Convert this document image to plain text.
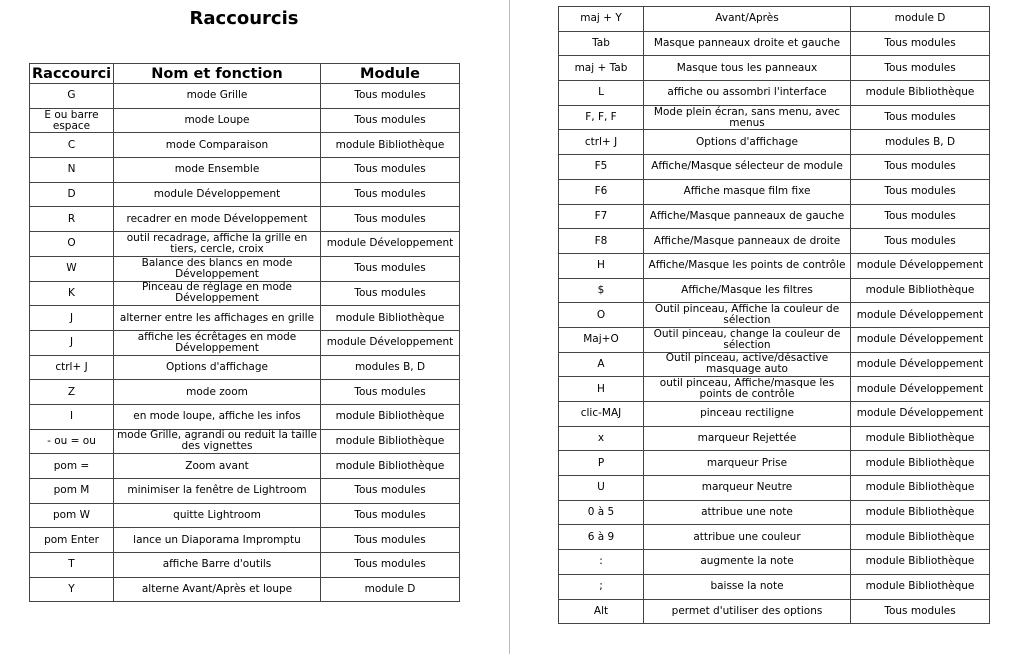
Raccourcis
Raccourci	Nom et fonction	Module
G	mode Grille	Tous modules
E ou barre espace	mode Loupe	Tous modules
C	mode Comparaison	module Bibliothèque
N	mode Ensemble	Tous modules
D	module Développement	Tous modules
R	recadrer en mode Développement	Tous modules
O	outil recadrage, affiche la grille en tiers, cercle, croix	module Développement
W	Balance des blancs en mode Développement	Tous modules
K	Pinceau de réglage en mode Développement	Tous modules
J	alterner entre les affichages en grille	module Bibliothèque
J	affiche les écrêtages en mode Développement	module Développement
ctrl+ J	Options d'affichage	modules B, D
Z	mode zoom	Tous modules
I	en mode loupe, affiche les infos	module Bibliothèque
- ou = ou	mode Grille, agrandi ou reduit la taille des vignettes	module Bibliothèque
pom =	Zoom avant	module Bibliothèque
pom M	minimiser la fenêtre de Lightroom	Tous modules
pom W	quitte Lightroom	Tous modules
pom Enter	lance un Diaporama Impromptu	Tous modules
T	affiche Barre d'outils	Tous modules
Y	alterne Avant/Après et loupe	module D
maj + Y	Avant/Après	module D
Tab	Masque panneaux droite et gauche	Tous modules
maj + Tab	Masque tous les panneaux	Tous modules
L	affiche ou assombri l'interface	module Bibliothèque
F, F, F	Mode plein écran, sans menu, avec menus	Tous modules
ctrl+ J	Options d'affichage	modules B, D
F5	Affiche/Masque sélecteur de module	Tous modules
F6	Affiche masque film fixe	Tous modules
F7	Affiche/Masque panneaux de gauche	Tous modules
F8	Affiche/Masque panneaux de droite	Tous modules
H	Affiche/Masque les points de contrôle	module Développement
$	Affiche/Masque les filtres	module Bibliothèque
O	Outil pinceau, Affiche la couleur de sélection	module Développement
Maj+O	Outil pinceau, change la couleur de sélection	module Développement
A	Outil pinceau, active/désactive masquage auto	module Développement
H	outil pinceau, Affiche/masque les points de contrôle	module Développement
clic-MAJ	pinceau rectiligne	module Développement
x	marqueur Rejettée	module Bibliothèque
P	marqueur Prise	module Bibliothèque
U	marqueur Neutre	module Bibliothèque
0 à 5	attribue une note	module Bibliothèque
6 à 9	attribue une couleur	module Bibliothèque
:	augmente la note	module Bibliothèque
;	baisse la note	module Bibliothèque
Alt	permet d'utiliser des options	Tous modules
